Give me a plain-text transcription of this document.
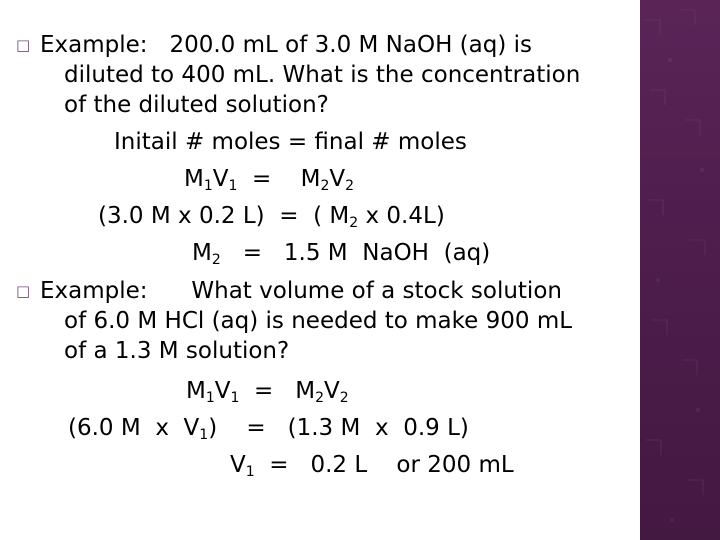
□ Example:   200.0 mL of 3.0 M NaOH (aq) is
diluted to 400 mL. What is the concentration
of the diluted solution?
Initail # moles = final # moles
$M_1V_1$  =    $M_2V_2$
(3.0 M x 0.2 L)  =  ( $M_2$ x 0.4L)
$M_2 = 1.5$ M  NaOH  (aq)
□ Example:      What volume of a stock solution
of 6.0 M HCl (aq) is needed to make 900 mL
of a 1.3 M solution?
$M_1V_1 = M_2V_2$
(6.0 M  x  $V_1$)    =   (1.3 M  x  0.9 L)
$V_1 = 0.2$ L    or 200 mL
